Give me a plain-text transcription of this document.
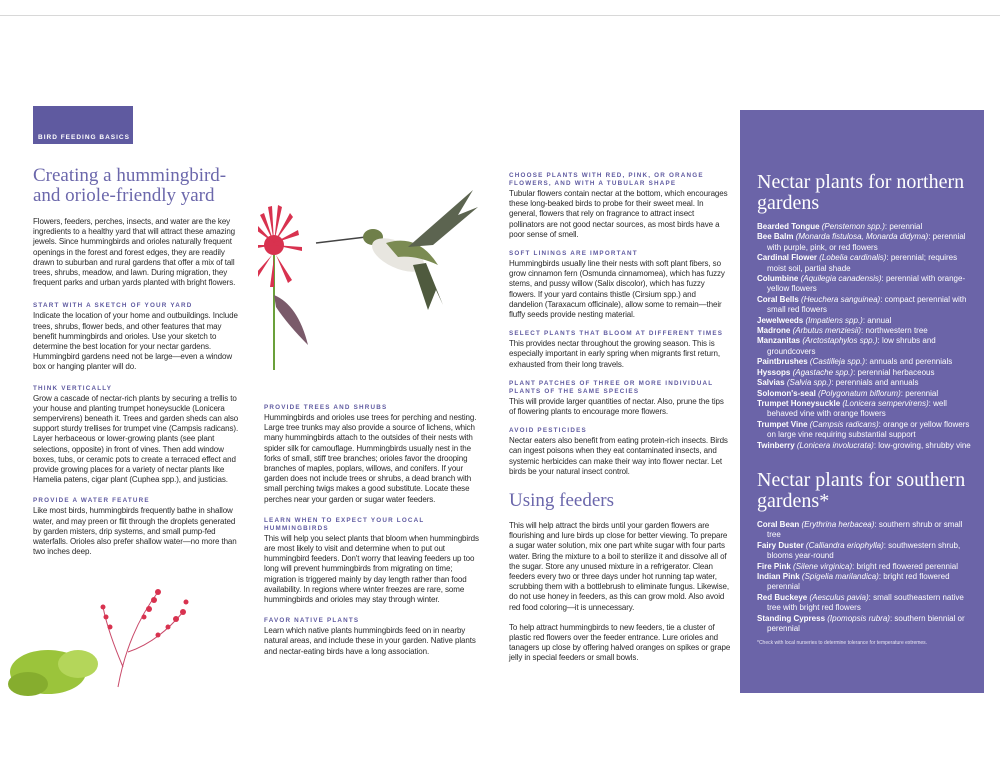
BIRD FEEDING BASICS
Creating a hummingbird-
and oriole-friendly yard

Flowers, feeders, perches, insects, and water are the key ingredients to a healthy yard that will attract these amazing jewels. Since hummingbirds and orioles naturally frequent openings in the forest and forest edges, they are readily drawn to suburban and rural gardens that offer a mix of tall trees, shrubs, meadow, and lawn. During migration, they frequent parks and urban yards planted with bright flowers.

START WITH A SKETCH OF YOUR YARD

Indicate the location of your home and outbuildings. Include trees, shrubs, flower beds, and other features that may benefit hummingbirds and orioles. Use your sketch to determine the best location for your nectar gardens. Hummingbird gardens need not be large—even a window box or hanging planter will do.

THINK VERTICALLY

Grow a cascade of nectar-rich plants by securing a trellis to your house and planting trumpet honeysuckle (Lonicera sempervirens) beneath it. Trees and garden sheds can also support sturdy trellises for trumpet vine (Campsis radicans). Layer herbaceous or lower-growing plants (see plant selections, opposite) in front of vines. Then add window boxes, tubs, or ceramic pots to create a terraced effect and provide growing places for a variety of nectar plants like Hamelia patens, cigar plant (Cuphea spp.), and justicias.

PROVIDE A WATER FEATURE

Like most birds, hummingbirds frequently bathe in shallow water, and may preen or flit through the droplets generated by garden misters, drip systems, and small pump-fed waterfalls. Orioles also prefer shallow water—no more than two inches deep.

PROVIDE TREES AND SHRUBS

Hummingbirds and orioles use trees for perching and nesting. Large tree trunks may also provide a source of lichens, which many hummingbirds attach to the outsides of their nests with spider silk for camouflage. Hummingbirds usually nest in the forks of small, stiff tree branches; orioles favor the drooping branches of maples, poplars, willows, and conifers. If your garden does not include trees or shrubs, a dead branch with small perching twigs makes a good substitute. Locate these perches near your garden or sugar water feeders.

LEARN WHEN TO EXPECT YOUR LOCAL HUMMINGBIRDS

This will help you select plants that bloom when hummingbirds are most likely to visit and determine when to put out hummingbird feeders. Don't worry that leaving feeders up too long will prevent hummingbirds from migrating on time; migration is triggered mainly by day length rather than food availability. In regions where winter freezes are rare, some hummingbirds and orioles may stay through winter.

FAVOR NATIVE PLANTS

Learn which native plants hummingbirds feed on in nearby natural areas, and include these in your garden. Native plants and nectar-eating birds have a long association.

CHOOSE PLANTS WITH RED, PINK, OR ORANGE FLOWERS, AND WITH A TUBULAR SHAPE

Tubular flowers contain nectar at the bottom, which encourages these long-beaked birds to probe for their sweet meal. In general, flowers that rely on fragrance to attract insect pollinators are not good nectar sources, as most birds have a poor sense of smell.

SOFT LININGS ARE IMPORTANT

Hummingbirds usually line their nests with soft plant fibers, so grow cinnamon fern (Osmunda cinnamomea), which has fuzzy stems, and pussy willow (Salix discolor), which has fuzzy flowers. If your yard contains thistle (Cirsium spp.) and dandelion (Taraxacum officinale), allow some to remain—their fluffy seeds provide nesting material.

SELECT PLANTS THAT BLOOM AT DIFFERENT TIMES

This provides nectar throughout the growing season. This is especially important in early spring when migrants first return, exhausted from their long travels.

PLANT PATCHES OF THREE OR MORE INDIVIDUAL PLANTS OF THE SAME SPECIES

This will provide larger quantities of nectar. Also, prune the tips of flowering plants to encourage more flowers.

AVOID PESTICIDES

Nectar eaters also benefit from eating protein-rich insects. Birds can ingest poisons when they eat contaminated insects, and systemic herbicides can make their way into flower nectar. Let birds be your natural insect control.

Using feeders

This will help attract the birds until your garden flowers are flourishing and lure birds up close for better viewing. To prepare a sugar water solution, mix one part white sugar with four parts water. Bring the mixture to a boil to sterilize it and dissolve all of the sugar. Store any unused mixture in a refrigerator. Clean feeders every two or three days under hot running tap water, scrubbing them with a bottlebrush to eliminate fungus. Likewise, do not use honey in feeders, as this can grow mold. Also avoid red food coloring—it is unnecessary.

To help attract hummingbirds to new feeders, tie a cluster of plastic red flowers over the feeder entrance. Lure orioles and tanagers up close by offering halved oranges on spikes or grape jelly in special feeders or small bowls.

Nectar plants for northern gardens
Bearded Tongue (Penstemon spp.): perennial
Bee Balm (Monarda fistulosa, Monarda didyma): perennial with purple, pink, or red flowers
Cardinal Flower (Lobelia cardinalis): perennial; requires moist soil, partial shade
Columbine (Aquilegia canadensis): perennial with orange-yellow flowers
Coral Bells (Heuchera sanguinea): compact perennial with small red flowers
Jewelweeds (Impatiens spp.): annual
Madrone (Arbutus menziesii): northwestern tree
Manzanitas (Arctostaphylos spp.): low shrubs and groundcovers
Paintbrushes (Castilleja spp.): annuals and perennials
Hyssops (Agastache spp.): perennial herbaceous
Salvias (Salvia spp.): perennials and annuals
Solomon's-seal (Polygonatum biflorum): perennial
Trumpet Honeysuckle (Lonicera sempervirens): well behaved vine with orange flowers
Trumpet Vine (Campsis radicans): orange or yellow flowers on large vine requiring substantial support
Twinberry (Lonicera involucrata): low-growing, shrubby vine
Nectar plants for southern gardens*
Coral Bean (Erythrina herbacea): southern shrub or small tree
Fairy Duster (Calliandra eriophylla): southwestern shrub, blooms year-round
Fire Pink (Silene virginica): bright red flowered perennial
Indian Pink (Spigelia marilandica): bright red flowered perennial
Red Buckeye (Aesculus pavia): small southeastern native tree with bright red flowers
Standing Cypress (Ipomopsis rubra): southern biennial or perennial
*Check with local nurseries to determine tolerance for temperature extremes.
